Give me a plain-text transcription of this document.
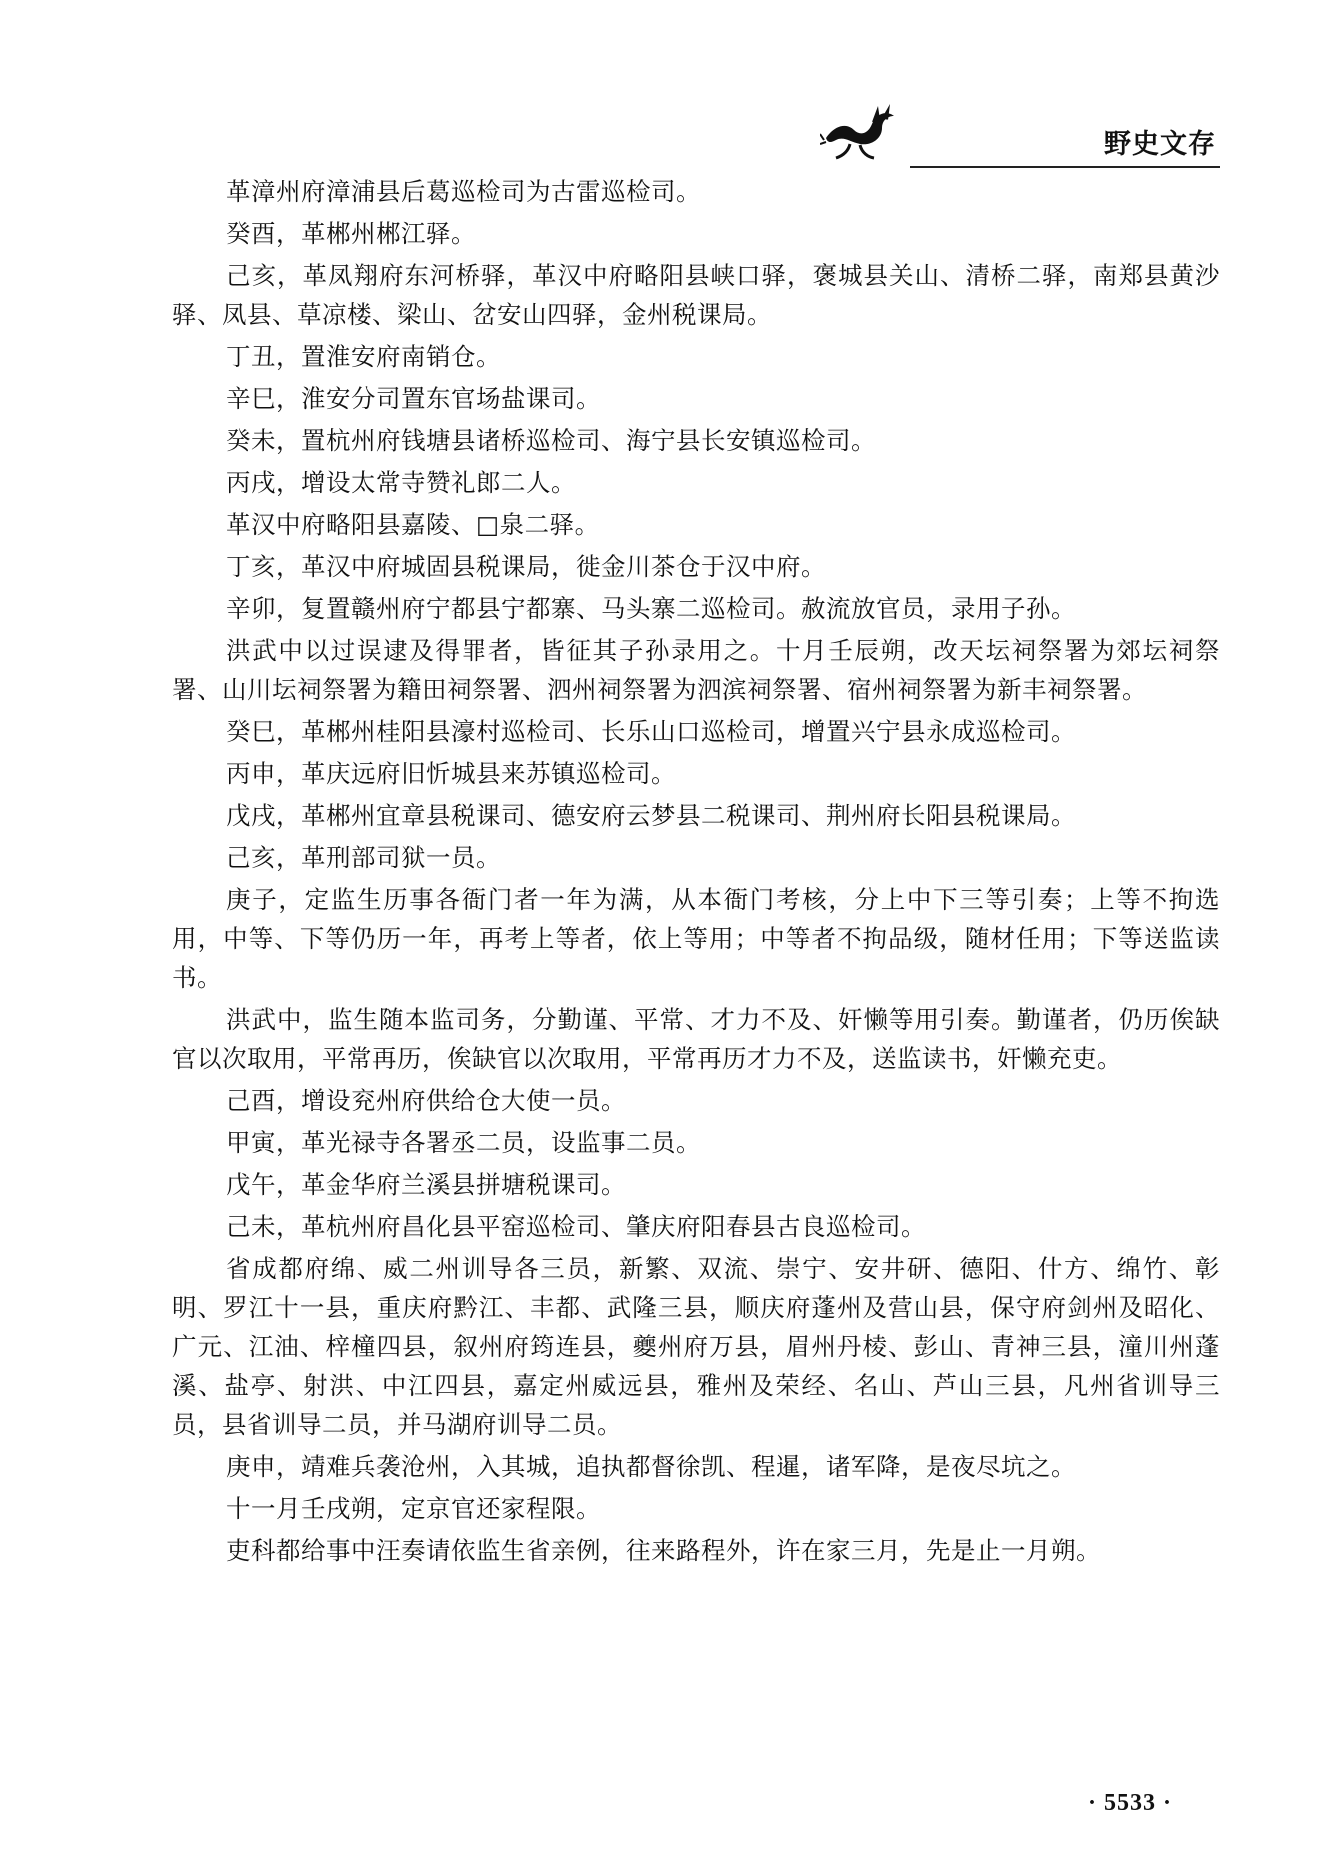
野史文存

革漳州府漳浦县后葛巡检司为古雷巡检司。

癸酉，革郴州郴江驿。

己亥，革凤翔府东河桥驿，革汉中府略阳县峡口驿，褒城县关山、清桥二驿，南郑县黄沙驿、凤县、草凉楼、梁山、岔安山四驿，金州税课局。

丁丑，置淮安府南销仓。

辛巳，淮安分司置东官场盐课司。

癸未，置杭州府钱塘县诸桥巡检司、海宁县长安镇巡检司。

丙戌，增设太常寺赞礼郎二人。

革汉中府略阳县嘉陵、□泉二驿。

丁亥，革汉中府城固县税课局，徙金川茶仓于汉中府。

辛卯，复置赣州府宁都县宁都寨、马头寨二巡检司。赦流放官员，录用子孙。

洪武中以过误逮及得罪者，皆征其子孙录用之。十月壬辰朔，改天坛祠祭署为郊坛祠祭署、山川坛祠祭署为籍田祠祭署、泗州祠祭署为泗滨祠祭署、宿州祠祭署为新丰祠祭署。

癸巳，革郴州桂阳县濠村巡检司、长乐山口巡检司，增置兴宁县永成巡检司。

丙申，革庆远府旧忻城县来苏镇巡检司。

戊戌，革郴州宜章县税课司、德安府云梦县二税课司、荆州府长阳县税课局。

己亥，革刑部司狱一员。

庚子，定监生历事各衙门者一年为满，从本衙门考核，分上中下三等引奏；上等不拘选用，中等、下等仍历一年，再考上等者，依上等用；中等者不拘品级，随材任用；下等送监读书。

洪武中，监生随本监司务，分勤谨、平常、才力不及、奸懒等用引奏。勤谨者，仍历俟缺官以次取用，平常再历，俟缺官以次取用，平常再历才力不及，送监读书，奸懒充吏。

己酉，增设兖州府供给仓大使一员。

甲寅，革光禄寺各署丞二员，设监事二员。

戊午，革金华府兰溪县拼塘税课司。

己未，革杭州府昌化县平窑巡检司、肇庆府阳春县古良巡检司。

省成都府绵、威二州训导各三员，新繁、双流、崇宁、安井研、德阳、什方、绵竹、彰明、罗江十一县，重庆府黔江、丰都、武隆三县，顺庆府蓬州及营山县，保守府剑州及昭化、广元、江油、梓橦四县，叙州府筠连县，夔州府万县，眉州丹棱、彭山、青神三县，潼川州蓬溪、盐亭、射洪、中江四县，嘉定州威远县，雅州及荣经、名山、芦山三县，凡州省训导三员，县省训导二员，并马湖府训导二员。

庚申，靖难兵袭沧州，入其城，追执都督徐凯、程暹，诸军降，是夜尽坑之。

十一月壬戌朔，定京官还家程限。

吏科都给事中汪奏请依监生省亲例，往来路程外，许在家三月，先是止一月朔。

· 5533 ·
